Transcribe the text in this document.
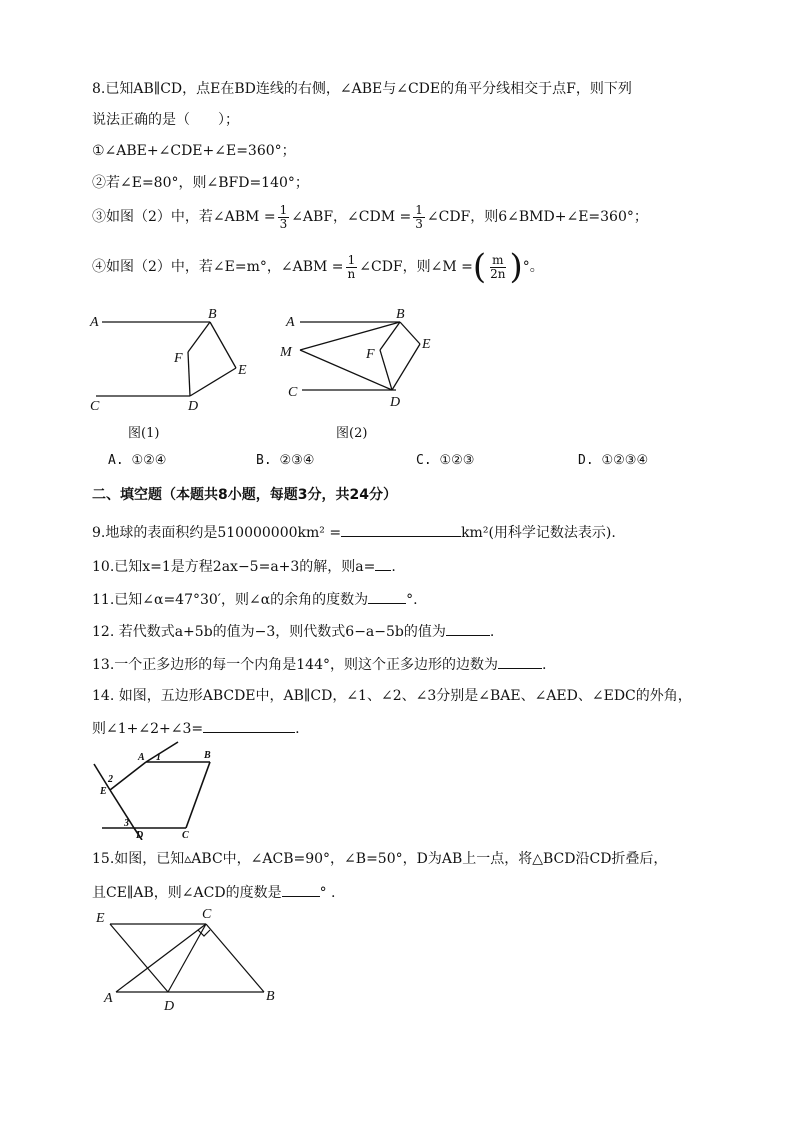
8.已知AB∥CD，点E在BD连线的右侧，∠ABE与∠CDE的角平分线相交于点F，则下列
说法正确的是（　　）；
①∠ABE+∠CDE+∠E=360°；
②若∠E=80°，则∠BFD=140°；
③如图（2）中，若∠ABM = $\frac{1}{3}$ ∠ABF，∠CDM = $\frac{1}{3}$ ∠CDF，则6∠BMD+∠E=360°；
④如图（2）中，若∠E=m°，∠ABM = $\frac{1}{n}$ ∠CDF，则∠M = ( $\frac{m}{2n}$ ) °。
A
B
C	D
E
F
图(1)
A
B
C
D
E
F
M
图(2)
A. ①②④	B. ②③④	C. ①②③	D. ①②③④
二、填空题（本题共8小题，每题3分，共24分）
9.地球的表面积约是510000000km² =	km²(用科学记数法表示).
10.已知x=1是方程2ax−5=a+3的解，则a= .
11.已知∠α=47°30′，则∠α的余角的度数为	°.
12. 若代数式a+5b的值为−3，则代数式6−a−5b的值为	.
13.一个正多边形的每一个内角是144°，则这个正多边形的边数为	.
14. 如图，五边形ABCDE中，AB∥CD，∠1、∠2、∠3分别是∠BAE、∠AED、∠EDC的外角，
则∠1+∠2+∠3=	.
A	B
C
D
E
1
2
3
15.如图，已知▵ABC中，∠ACB=90°，∠B=50°，D为AB上一点，将△BCD沿CD折叠后，
且CE∥AB，则∠ACD的度数是	° .
E	C
A
D
B
